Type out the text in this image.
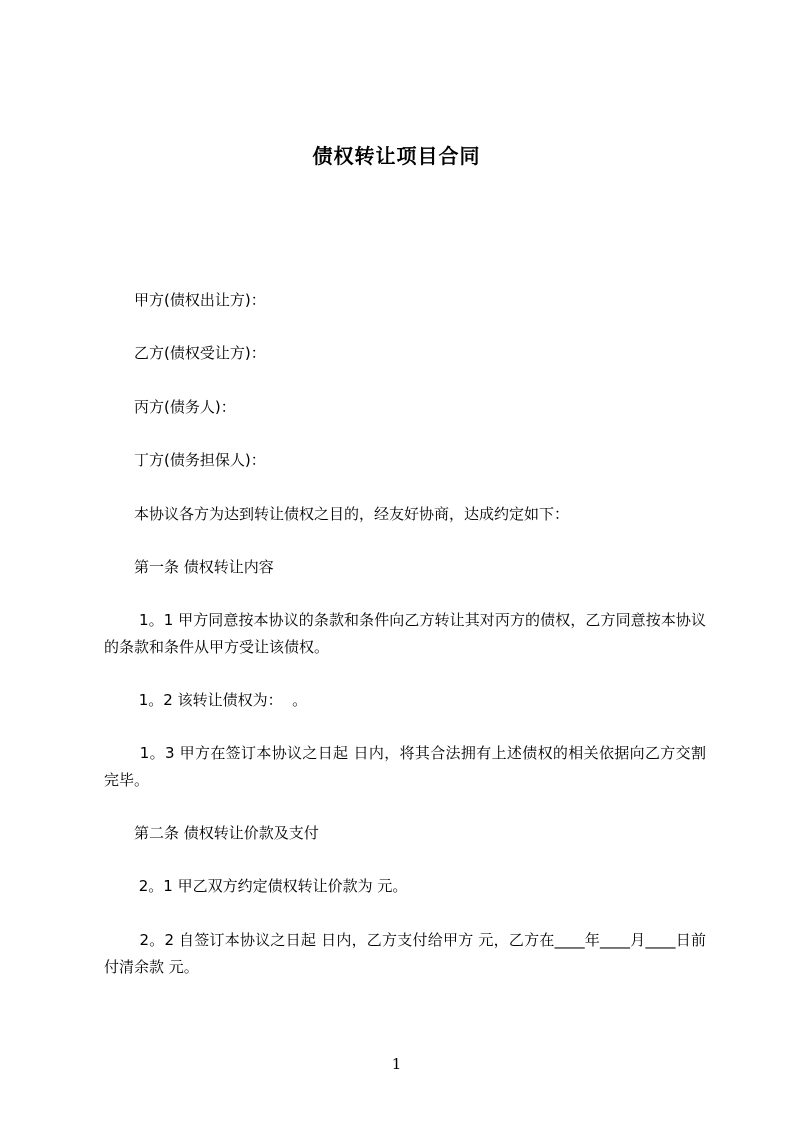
债权转让项目合同
　　甲方(债权出让方)：
　　乙方(债权受让方)：
　　丙方(债务人)：
　　丁方(债务担保人)：
　　本协议各方为达到转让债权之目的，经友好协商，达成约定如下：
　　第一条 债权转让内容
　　 1。1 甲方同意按本协议的条款和条件向乙方转让其对丙方的债权，乙方同意按本协议的条款和条件从甲方受让该债权。
　　 1。2 该转让债权为：  。
　　 1。3 甲方在签订本协议之日起 日内，将其合法拥有上述债权的相关依据向乙方交割完毕。
　　第二条 债权转让价款及支付
　　 2。1 甲乙双方约定债权转让价款为 元。
　　 2。2 自签订本协议之日起 日内，乙方支付给甲方 元，乙方在____年____月____日前付清余款 元。
1
